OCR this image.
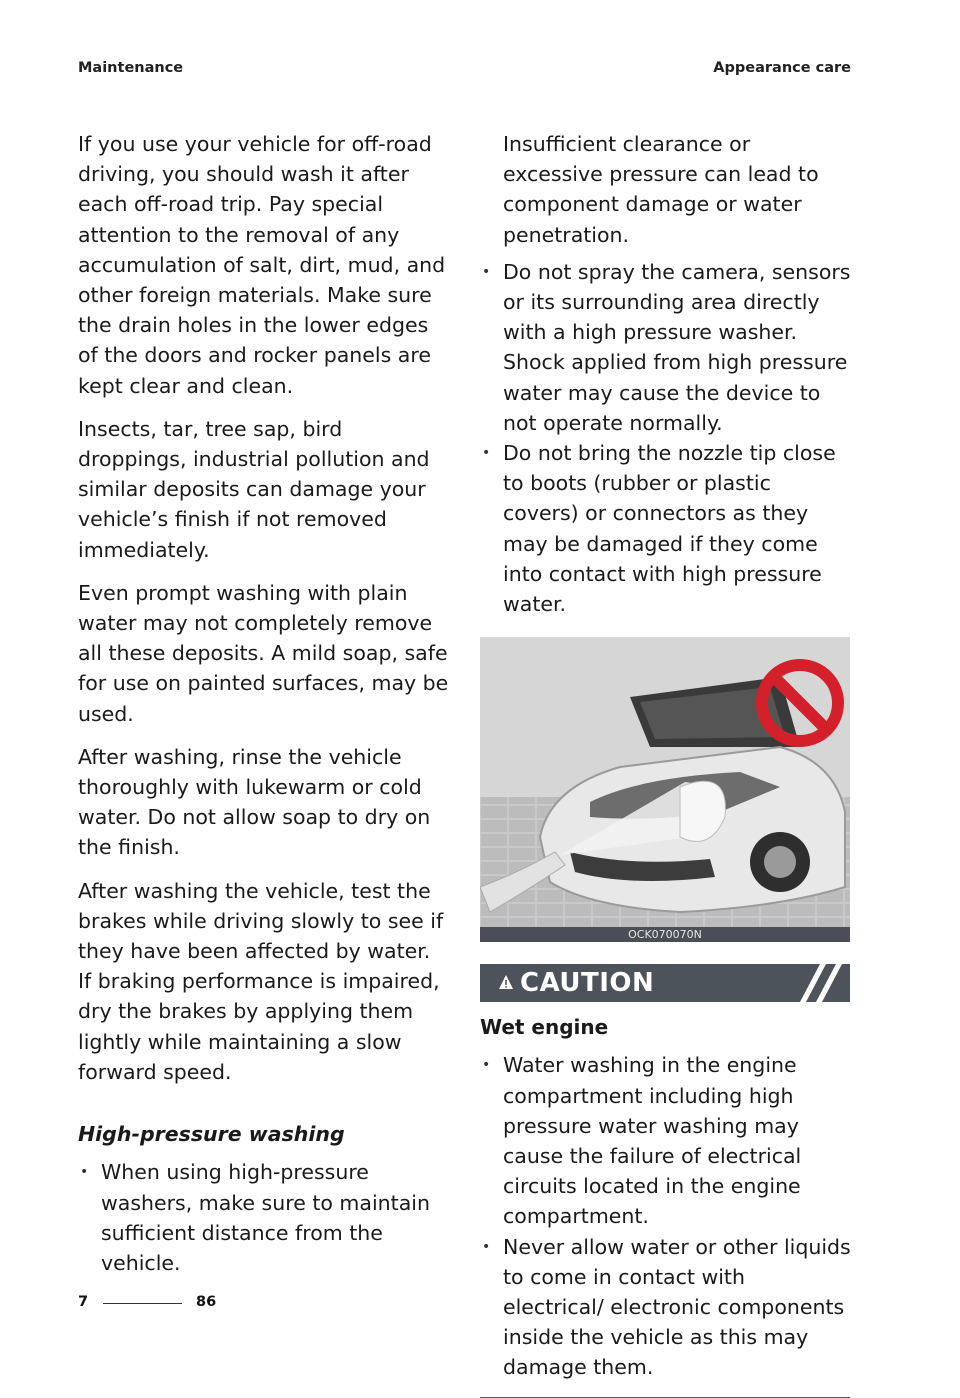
Maintenance	Appearance care

If you use your vehicle for off-road driving, you should wash it after each off-road trip. Pay special attention to the removal of any accumulation of salt, dirt, mud, and other foreign materials. Make sure the drain holes in the lower edges of the doors and rocker panels are kept clear and clean.

Insects, tar, tree sap, bird droppings, industrial pollution and similar deposits can damage your vehicle’s finish if not removed immediately.

Even prompt washing with plain water may not completely remove all these deposits. A mild soap, safe for use on painted surfaces, may be used.

After washing, rinse the vehicle thoroughly with lukewarm or cold water. Do not allow soap to dry on the finish.

After washing the vehicle, test the brakes while driving slowly to see if they have been affected by water. If braking performance is impaired, dry the brakes by applying them lightly while maintaining a slow forward speed.

High-pressure washing
• When using high-pressure washers, make sure to maintain sufficient distance from the vehicle.

Insufficient clearance or excessive pressure can lead to component damage or water penetration.

• Do not spray the camera, sensors or its surrounding area directly with a high pressure washer. Shock applied from high pressure water may cause the device to not operate normally.
• Do not bring the nozzle tip close to boots (rubber or plastic covers) or connectors as they may be damaged if they come into contact with high pressure water.
OCK070070N
CAUTION
Wet engine
• Water washing in the engine compartment including high pressure water washing may cause the failure of electrical circuits located in the engine compartment.
• Never allow water or other liquids to come in contact with electrical/ electronic components inside the vehicle as this may damage them.
7	86
